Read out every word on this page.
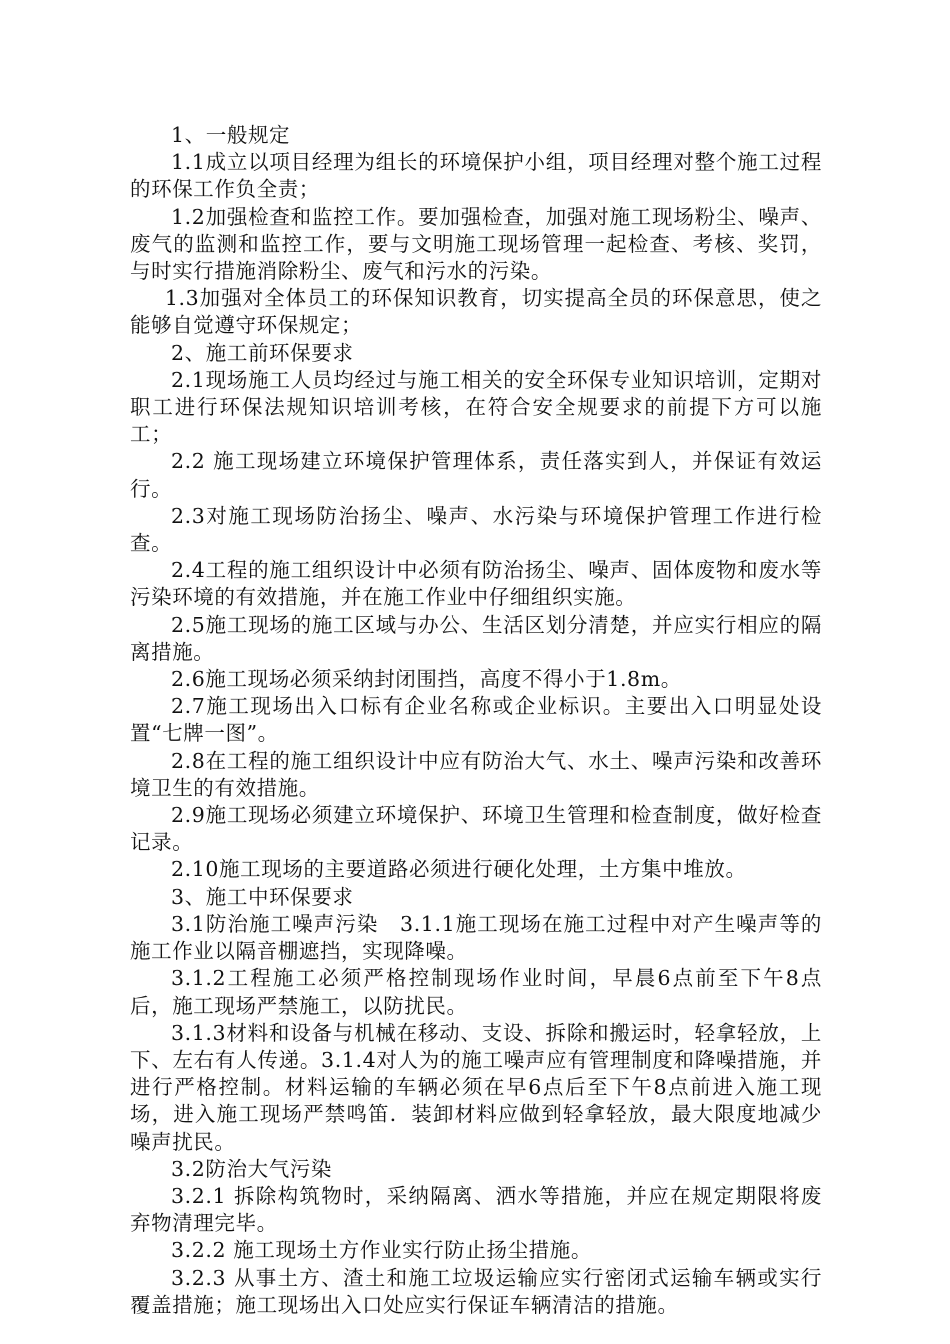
1、一般规定

1.1成立以项目经理为组长的环境保护小组，项目经理对整个施工过程的环保工作负全责；

1.2加强检查和监控工作。要加强检查，加强对施工现场粉尘、噪声、废气的监测和监控工作，要与文明施工现场管理一起检查、考核、奖罚，与时实行措施消除粉尘、废气和污水的污染。

1.3加强对全体员工的环保知识教育，切实提高全员的环保意思，使之能够自觉遵守环保规定；

2、施工前环保要求

2.1现场施工人员均经过与施工相关的安全环保专业知识培训，定期对职工进行环保法规知识培训考核，在符合安全规要求的前提下方可以施工；

2.2 施工现场建立环境保护管理体系，责任落实到人，并保证有效运行。

2.3对施工现场防治扬尘、噪声、水污染与环境保护管理工作进行检查。

2.4工程的施工组织设计中必须有防治扬尘、噪声、固体废物和废水等污染环境的有效措施，并在施工作业中仔细组织实施。

2.5施工现场的施工区域与办公、生活区划分清楚，并应实行相应的隔离措施。

2.6施工现场必须采纳封闭围挡，高度不得小于1.8m。

2.7施工现场出入口标有企业名称或企业标识。主要出入口明显处设置“七牌一图”。

2.8在工程的施工组织设计中应有防治大气、水土、噪声污染和改善环境卫生的有效措施。

2.9施工现场必须建立环境保护、环境卫生管理和检查制度，做好检查记录。

2.10施工现场的主要道路必须进行硬化处理，土方集中堆放。

3、施工中环保要求

3.1防治施工噪声污染　3.1.1施工现场在施工过程中对产生噪声等的施工作业以隔音棚遮挡，实现降噪。

3.1.2工程施工必须严格控制现场作业时间，早晨6点前至下午8点后，施工现场严禁施工，以防扰民。

3.1.3材料和设备与机械在移动、支设、拆除和搬运时，轻拿轻放，上下、左右有人传递。3.1.4对人为的施工噪声应有管理制度和降噪措施，并进行严格控制。材料运输的车辆必须在早6点后至下午8点前进入施工现场，进入施工现场严禁鸣笛．装卸材料应做到轻拿轻放，最大限度地减少噪声扰民。

3.2防治大气污染

3.2.1 拆除构筑物时，采纳隔离、洒水等措施，并应在规定期限将废弃物清理完毕。

3.2.2 施工现场土方作业实行防止扬尘措施。

3.2.3 从事土方、渣土和施工垃圾运输应实行密闭式运输车辆或实行覆盖措施；施工现场出入口处应实行保证车辆清洁的措施。
